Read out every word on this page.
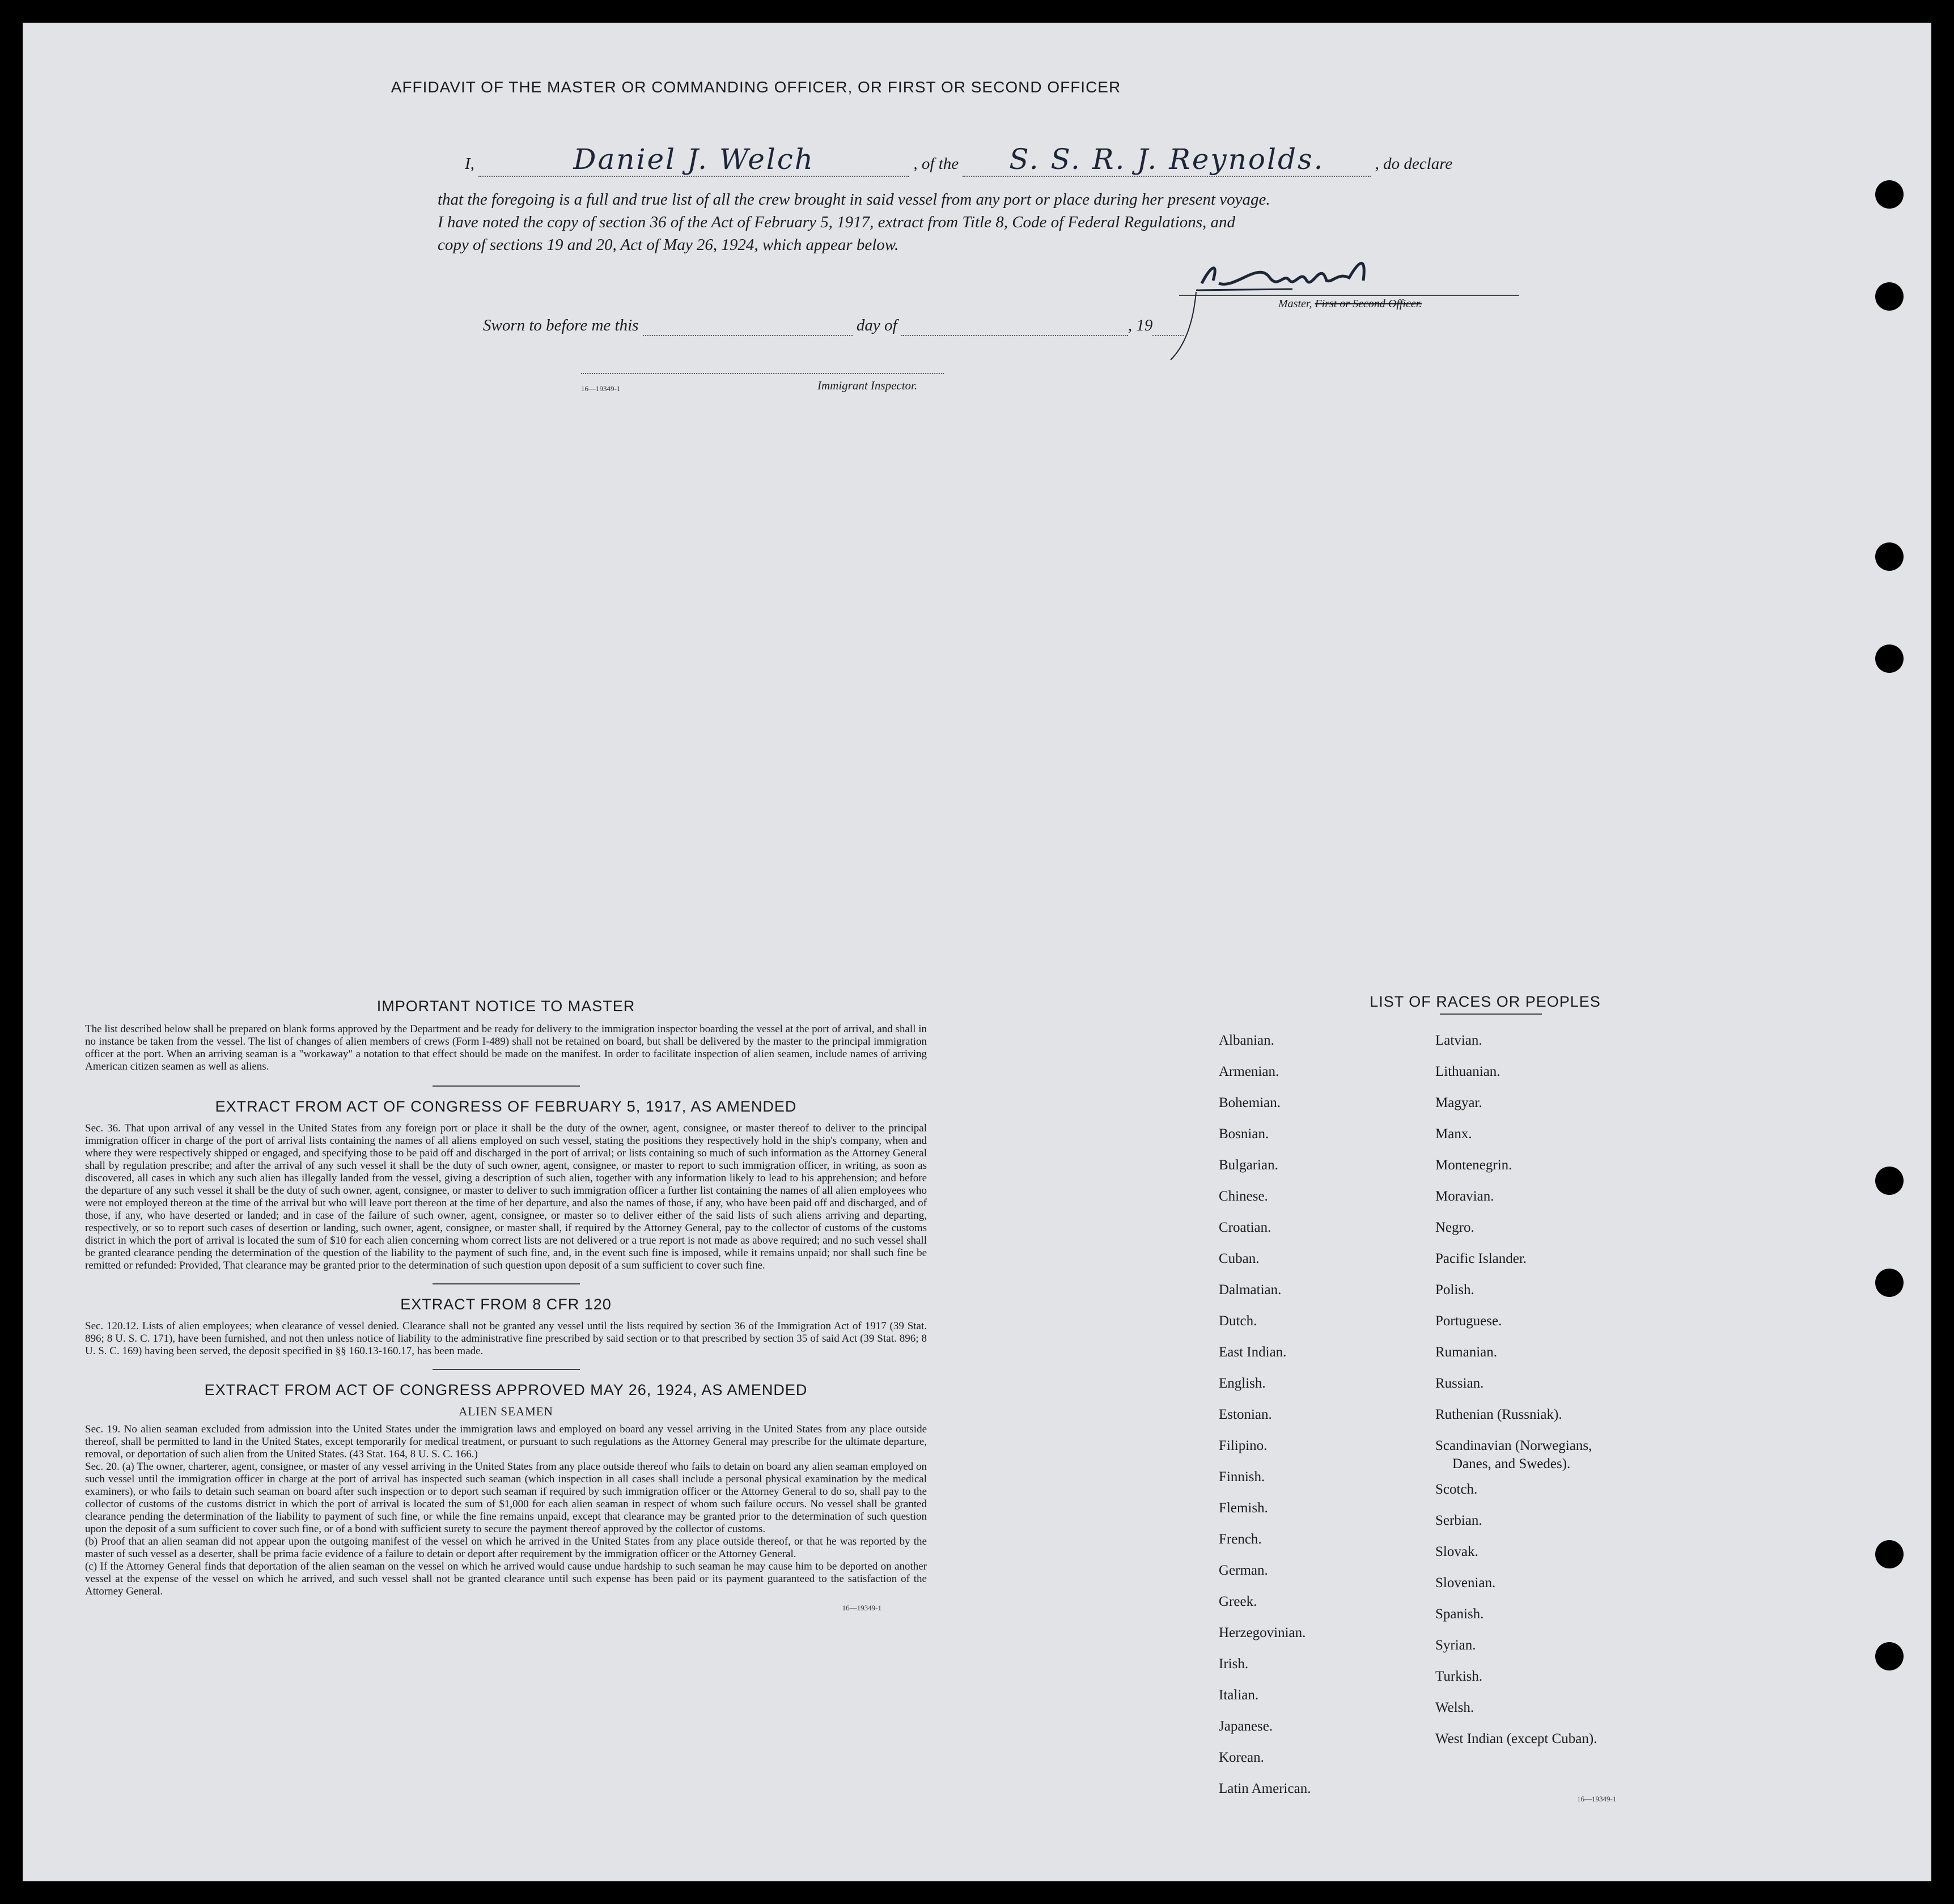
AFFIDAVIT OF THE MASTER OR COMMANDING OFFICER, OR FIRST OR SECOND OFFICER
I,	Daniel J. Welch	, of the S. S. R. J. Reynolds.	, do declare
that the foregoing is a full and true list of all the crew brought in said vessel from any port or place during her present voyage.
I have noted the copy of section 36 of the Act of February 5, 1917, extract from Title 8, Code of Federal Regulations, and
copy of sections 19 and 20, Act of May 26, 1924, which appear below.
Master, First or Second Officer.
Sworn to before me this	day of	, 19
16—19349-1	Immigrant Inspector.
IMPORTANT NOTICE TO MASTER
The list described below shall be prepared on blank forms approved by the Department and be ready for delivery to the immigration inspector boarding the vessel at the port of arrival, and shall in no instance be taken from the vessel. The list of changes of alien members of crews (Form I-489) shall not be retained on board, but shall be delivered by the master to the principal immigration officer at the port. When an arriving seaman is a "workaway" a notation to that effect should be made on the manifest. In order to facilitate inspection of alien seamen, include names of arriving American citizen seamen as well as aliens.
EXTRACT FROM ACT OF CONGRESS OF FEBRUARY 5, 1917, AS AMENDED
Sec. 36. That upon arrival of any vessel in the United States from any foreign port or place it shall be the duty of the owner, agent, consignee, or master thereof to deliver to the principal immigration officer in charge of the port of arrival lists containing the names of all aliens employed on such vessel, stating the positions they respectively hold in the ship's company, when and where they were respectively shipped or engaged, and specifying those to be paid off and discharged in the port of arrival; or lists containing so much of such information as the Attorney General shall by regulation prescribe; and after the arrival of any such vessel it shall be the duty of such owner, agent, consignee, or master to report to such immigration officer, in writing, as soon as discovered, all cases in which any such alien has illegally landed from the vessel, giving a description of such alien, together with any information likely to lead to his apprehension; and before the departure of any such vessel it shall be the duty of such owner, agent, consignee, or master to deliver to such immigration officer a further list containing the names of all alien employees who were not employed thereon at the time of the arrival but who will leave port thereon at the time of her departure, and also the names of those, if any, who have been paid off and discharged, and of those, if any, who have deserted or landed; and in case of the failure of such owner, agent, consignee, or master so to deliver either of the said lists of such aliens arriving and departing, respectively, or so to report such cases of desertion or landing, such owner, agent, consignee, or master shall, if required by the Attorney General, pay to the collector of customs of the customs district in which the port of arrival is located the sum of $10 for each alien concerning whom correct lists are not delivered or a true report is not made as above required; and no such vessel shall be granted clearance pending the determination of the question of the liability to the payment of such fine, and, in the event such fine is imposed, while it remains unpaid; nor shall such fine be remitted or refunded: Provided, That clearance may be granted prior to the determination of such question upon deposit of a sum sufficient to cover such fine.
EXTRACT FROM 8 CFR 120
Sec. 120.12. Lists of alien employees; when clearance of vessel denied. Clearance shall not be granted any vessel until the lists required by section 36 of the Immigration Act of 1917 (39 Stat. 896; 8 U. S. C. 171), have been furnished, and not then unless notice of liability to the administrative fine prescribed by said section or to that prescribed by section 35 of said Act (39 Stat. 896; 8 U. S. C. 169) having been served, the deposit specified in §§ 160.13-160.17, has been made.
EXTRACT FROM ACT OF CONGRESS APPROVED MAY 26, 1924, AS AMENDED
ALIEN SEAMEN
Sec. 19. No alien seaman excluded from admission into the United States under the immigration laws and employed on board any vessel arriving in the United States from any place outside thereof, shall be permitted to land in the United States, except temporarily for medical treatment, or pursuant to such regulations as the Attorney General may prescribe for the ultimate departure, removal, or deportation of such alien from the United States. (43 Stat. 164, 8 U. S. C. 166.)
Sec. 20. (a) The owner, charterer, agent, consignee, or master of any vessel arriving in the United States from any place outside thereof who fails to detain on board any alien seaman employed on such vessel until the immigration officer in charge at the port of arrival has inspected such seaman (which inspection in all cases shall include a personal physical examination by the medical examiners), or who fails to detain such seaman on board after such inspection or to deport such seaman if required by such immigration officer or the Attorney General to do so, shall pay to the collector of customs of the customs district in which the port of arrival is located the sum of $1,000 for each alien seaman in respect of whom such failure occurs. No vessel shall be granted clearance pending the determination of the liability to payment of such fine, or while the fine remains unpaid, except that clearance may be granted prior to the determination of such question upon the deposit of a sum sufficient to cover such fine, or of a bond with sufficient surety to secure the payment thereof approved by the collector of customs.
(b) Proof that an alien seaman did not appear upon the outgoing manifest of the vessel on which he arrived in the United States from any place outside thereof, or that he was reported by the master of such vessel as a deserter, shall be prima facie evidence of a failure to detain or deport after requirement by the immigration officer or the Attorney General.
(c) If the Attorney General finds that deportation of the alien seaman on the vessel on which he arrived would cause undue hardship to such seaman he may cause him to be deported on another vessel at the expense of the vessel on which he arrived, and such vessel shall not be granted clearance until such expense has been paid or its payment guaranteed to the satisfaction of the Attorney General.
16—19349-1
LIST OF RACES OR PEOPLES
16—19349-1
Albanian.
Armenian.
Bohemian.
Bosnian.
Bulgarian.
Chinese.
Croatian.
Cuban.
Dalmatian.
Dutch.
East Indian.
English.
Estonian.
Filipino.
Finnish.
Flemish.
French.
German.
Greek.
Herzegovinian.
Irish.
Italian.
Japanese.
Korean.
Latin American.
Latvian.
Lithuanian.
Magyar.
Manx.
Montenegrin.
Moravian.
Negro.
Pacific Islander.
Polish.
Portuguese.
Rumanian.
Russian.
Ruthenian (Russniak).
Scandinavian (Norwegians,
Danes, and Swedes).
Scotch.
Serbian.
Slovak.
Slovenian.
Spanish.
Syrian.
Turkish.
Welsh.
West Indian (except Cuban).
